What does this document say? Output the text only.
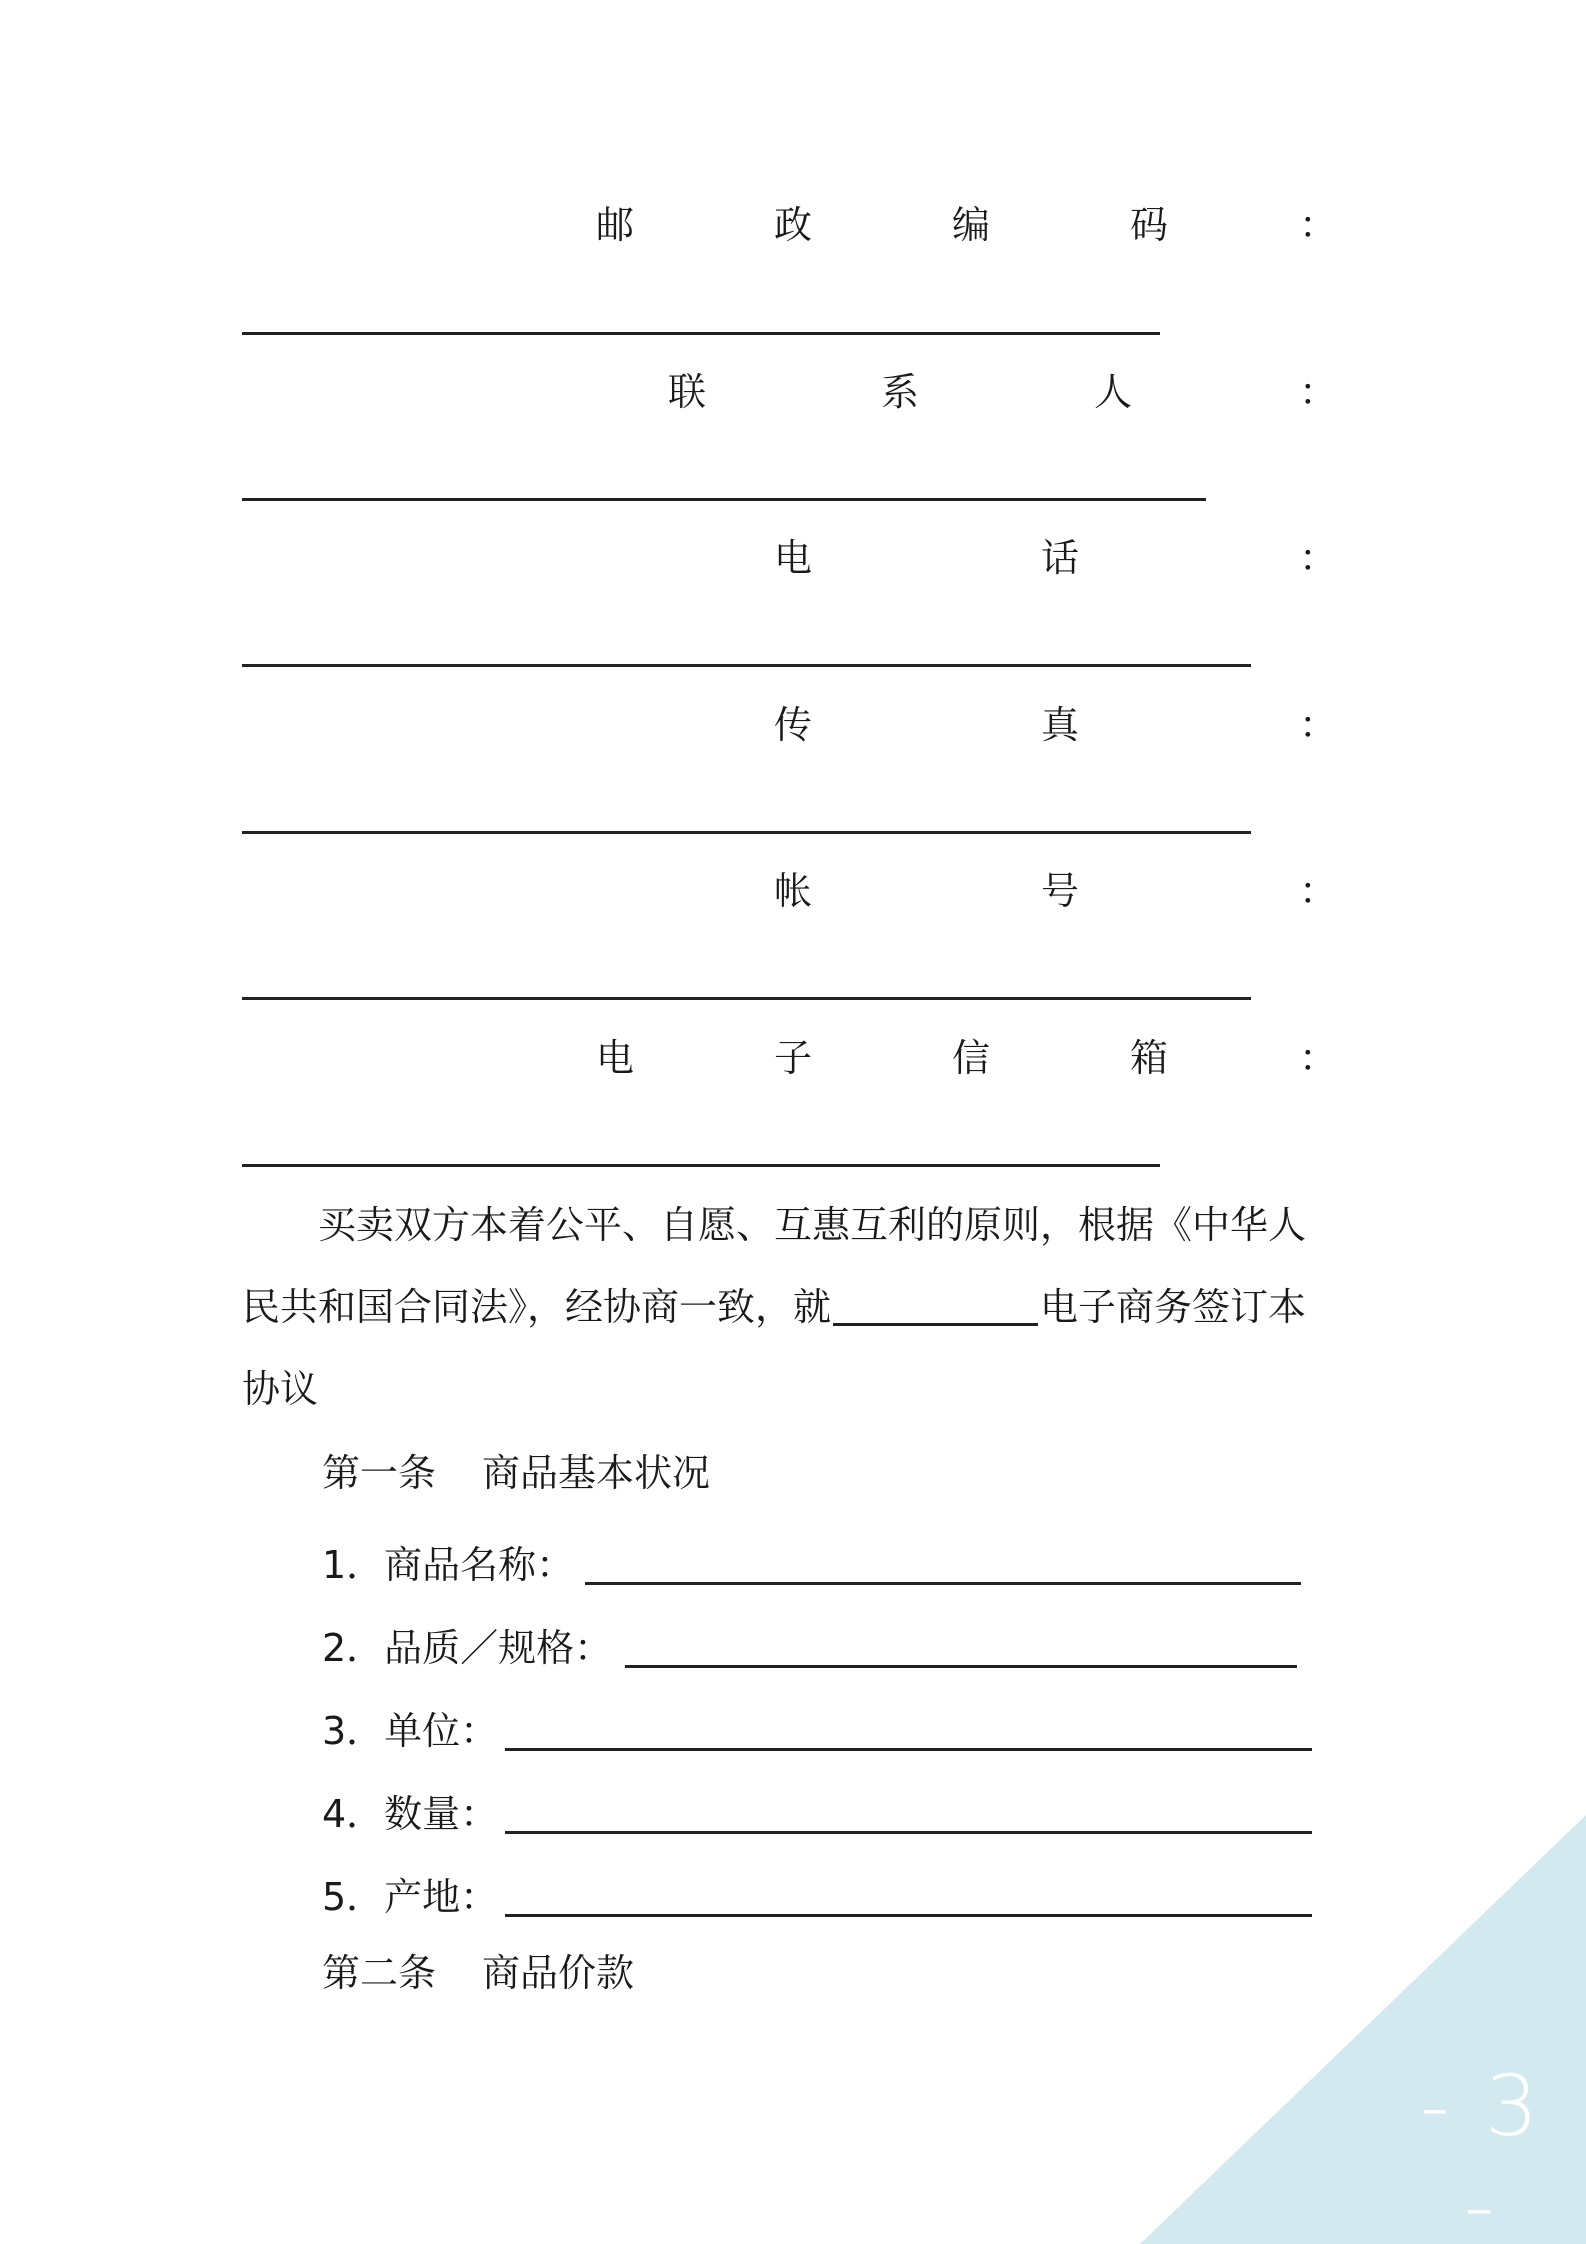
邮	政	编	码	：
联	系	人	：
电	话	：
传	真	：
帐	号	：
电	子	信	箱	：
　　买卖双方本着公平、自愿、互惠互利的原则，根据《中华人
民共和国合同法》，经协商一致，就	电子商务签订本
协议
第一条 商品基本状况
1．商品名称：
2．品质／规格：
3．单位：
4．数量：
5．产地：
第二条 商品价款
- 3 -
